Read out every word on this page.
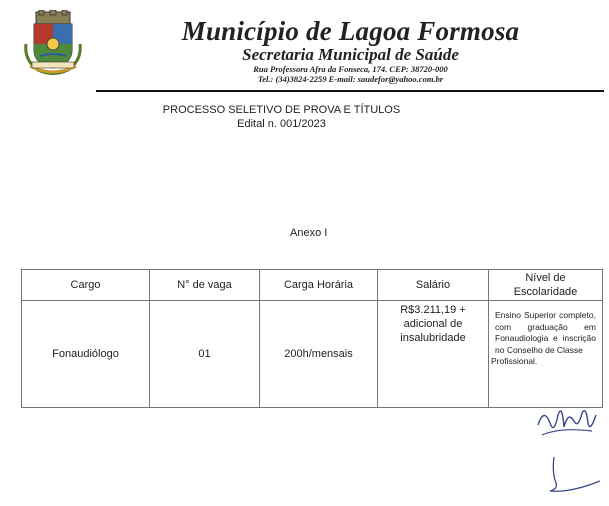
Município de Lagoa Formosa
Secretaria Municipal de Saúde
Rua Professora Afra da Fonseca, 174. CEP: 38720-000
Tel.: (34)3824-2259 E-mail: saudefor@yahoo.com.br
PROCESSO SELETIVO DE PROVA E TÍTULOS
Edital n. 001/2023
Anexo I
Cargo	N° de vaga	Carga Horária	Salário	Nível de Escolaridade
Fonaudiólogo	01	200h/mensais	R$3.211,19 + adicional de insalubridade	Ensino Superior completo, com graduação em Fonaudiologia e inscrição no Conselho de Classe
Profissional.
